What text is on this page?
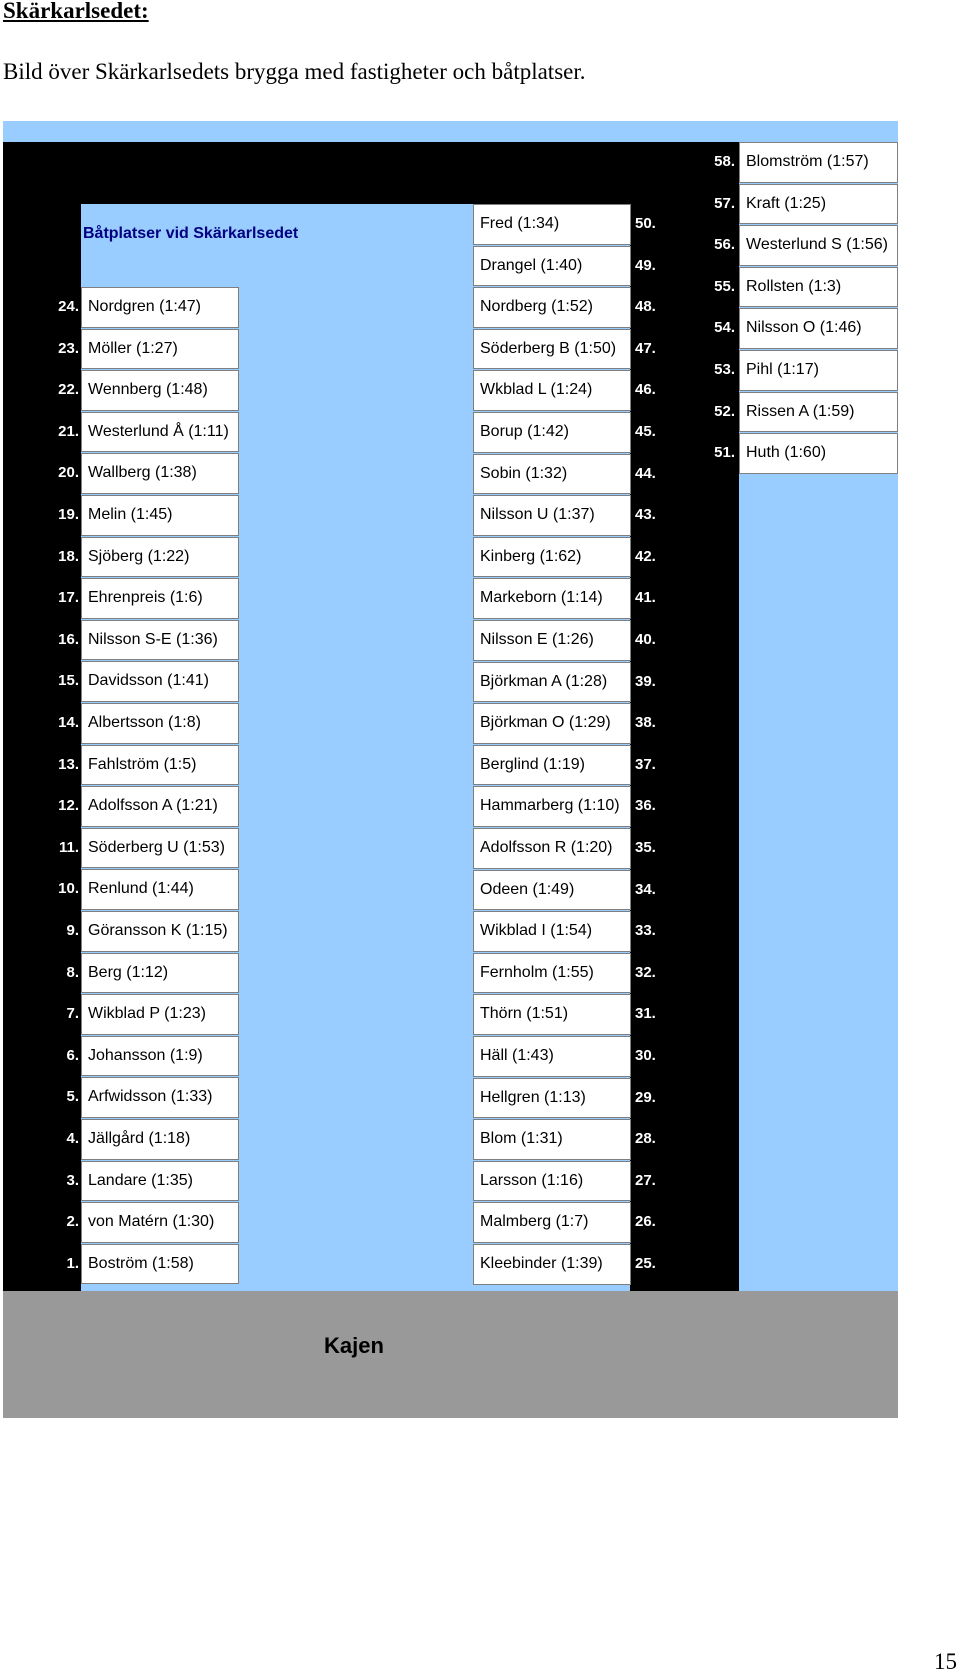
Skärkarlsedet:
Bild över Skärkarlsedets brygga med fastigheter och båtplatser.
Båtplatser vid Skärkarlsedet
Kajen
24. Nordgren (1:47)
23. Möller (1:27)
22. Wennberg (1:48)
21. Westerlund Å (1:11)
20. Wallberg (1:38)
19. Melin (1:45)
18. Sjöberg (1:22)
17. Ehrenpreis (1:6)
16. Nilsson S-E (1:36)
15. Davidsson (1:41)
14. Albertsson (1:8)
13. Fahlström (1:5)
12. Adolfsson A (1:21)
11. Söderberg U (1:53)
10. Renlund (1:44)
9. Göransson K (1:15)
8. Berg (1:12)
7. Wikblad P (1:23)
6. Johansson (1:9)
5. Arfwidsson (1:33)
4. Jällgård (1:18)
3. Landare (1:35)
2. von Matérn (1:30)
1. Boström (1:58)
50.
Fred (1:34)
49.
Drangel (1:40)
48.
Nordberg (1:52)
47.
Söderberg B (1:50)
46.
Wkblad L (1:24)
45.
Borup (1:42)
44.
Sobin (1:32)
43.
Nilsson U (1:37)
42.
Kinberg (1:62)
41.
Markeborn (1:14)
40.
Nilsson E (1:26)
39.
Björkman A (1:28)
38.
Björkman O (1:29)
37.
Berglind (1:19)
36.
Hammarberg (1:10)
35.
Adolfsson R (1:20)
34.
Odeen (1:49)
33.
Wikblad I (1:54)
32.
Fernholm (1:55)
31.
Thörn (1:51)
30.
Häll (1:43)
29.
Hellgren (1:13)
28.
Blom (1:31)
27.
Larsson (1:16)
26.
Malmberg (1:7)
25.
Kleebinder (1:39)
58. Blomström (1:57)
57. Kraft (1:25)
56. Westerlund S (1:56)
55. Rollsten (1:3)
54. Nilsson O (1:46)
53. Pihl (1:17)
52. Rissen A (1:59)
51. Huth (1:60)
15
